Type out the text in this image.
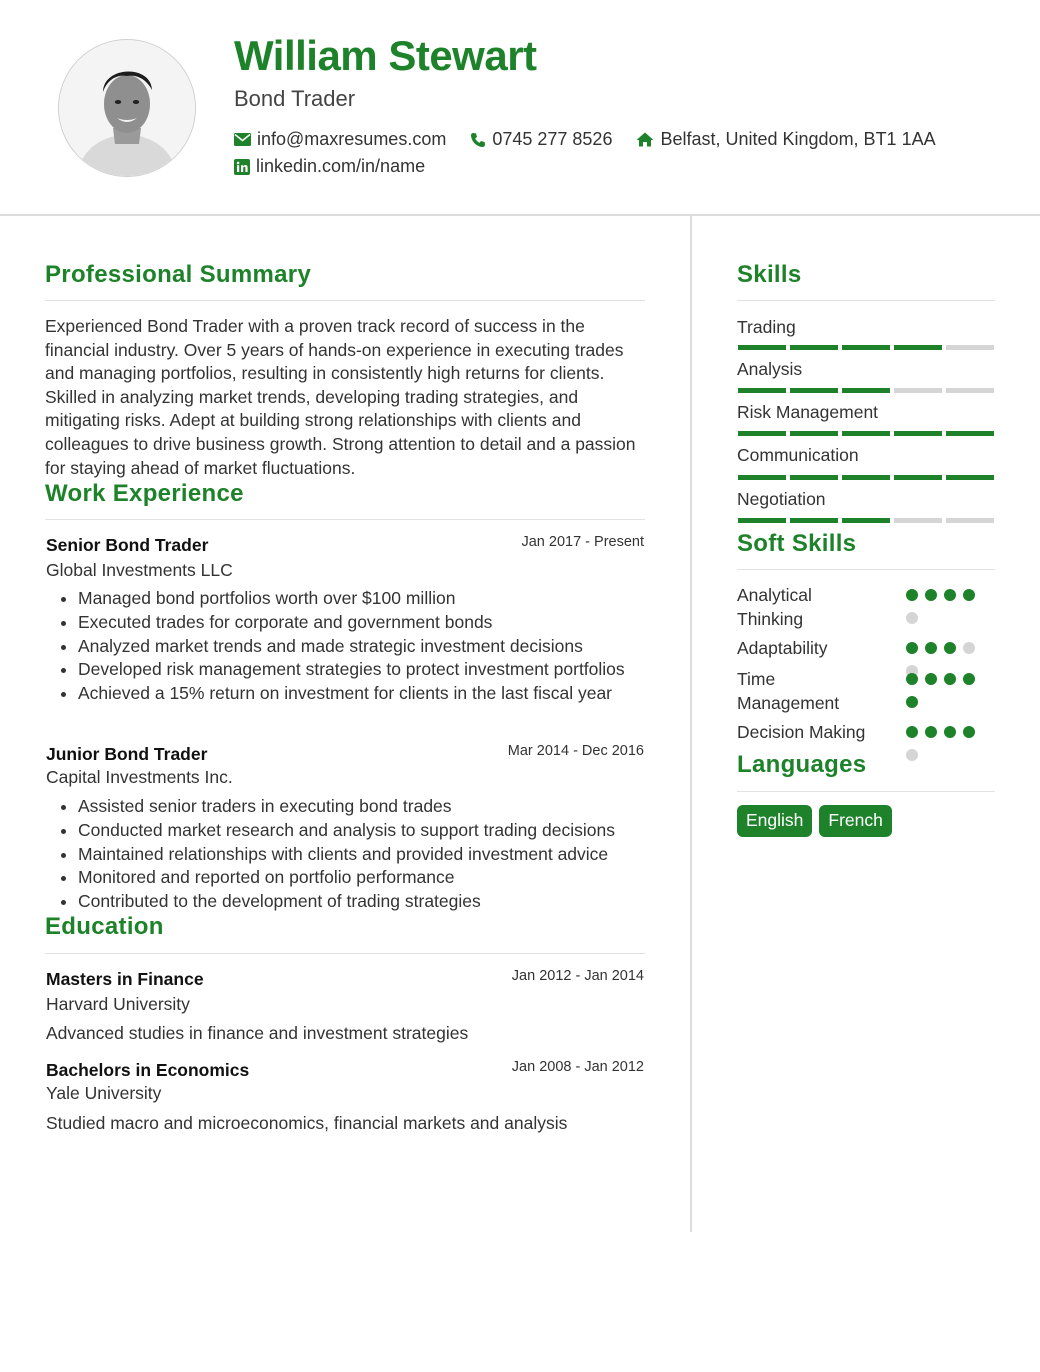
William Stewart
Bond Trader
info@maxresumes.com	0745 277 8526	Belfast, United Kingdom, BT1 1AA
linkedin.com/in/name
Professional Summary
Experienced Bond Trader with a proven track record of success in the financial industry. Over 5 years of hands-on experience in executing trades and managing portfolios, resulting in consistently high returns for clients. Skilled in analyzing market trends, developing trading strategies, and mitigating risks. Adept at building strong relationships with clients and colleagues to drive business growth. Strong attention to detail and a passion for staying ahead of market fluctuations.
Work Experience
Senior Bond Trader	Jan 2017 - Present
Global Investments LLC
• Managed bond portfolios worth over $100 million
• Executed trades for corporate and government bonds
• Analyzed market trends and made strategic investment decisions
• Developed risk management strategies to protect investment portfolios
• Achieved a 15% return on investment for clients in the last fiscal year
Junior Bond Trader	Mar 2014 - Dec 2016
Capital Investments Inc.
• Assisted senior traders in executing bond trades
• Conducted market research and analysis to support trading decisions
• Maintained relationships with clients and provided investment advice
• Monitored and reported on portfolio performance
• Contributed to the development of trading strategies
Education
Masters in Finance	Jan 2012 - Jan 2014
Harvard University
Advanced studies in finance and investment strategies
Bachelors in Economics	Jan 2008 - Jan 2012
Yale University
Studied macro and microeconomics, financial markets and analysis
Skills
Trading
Analysis
Risk Management
Communication
Negotiation
Soft Skills
Analytical Thinking
Adaptability
Time Management
Decision Making
Languages
English	French
